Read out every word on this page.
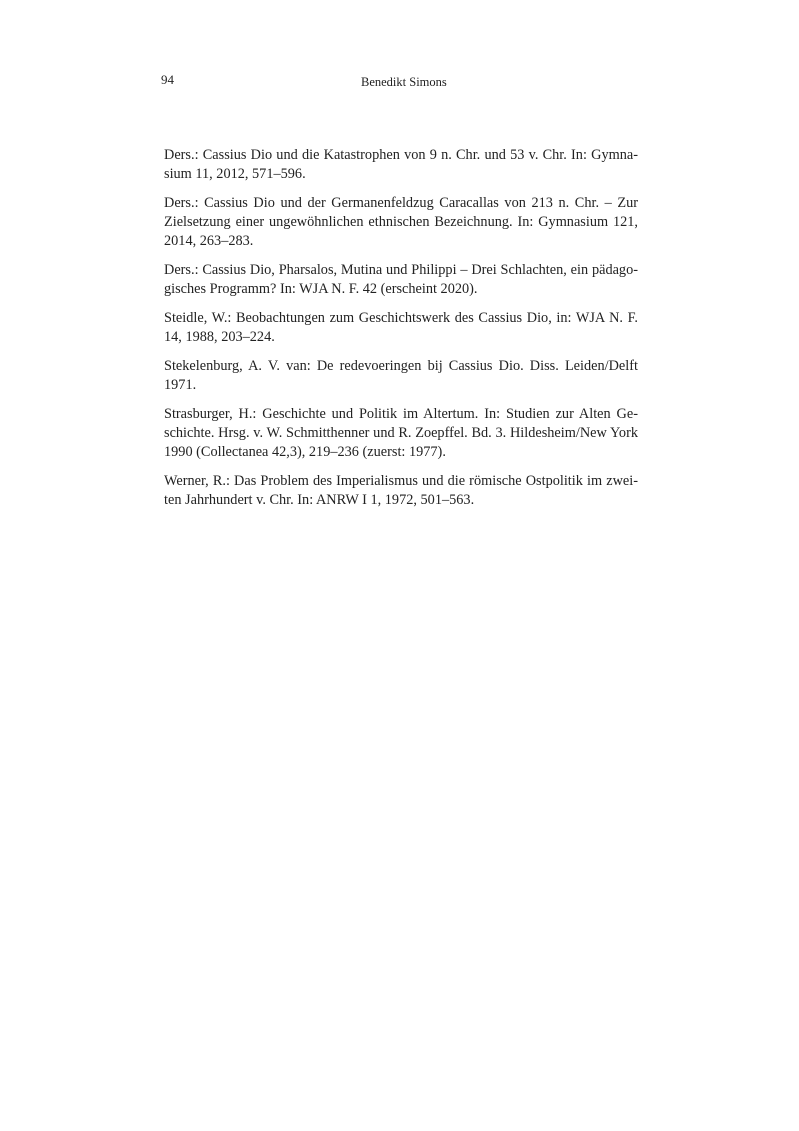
94	Benedikt Simons
Ders.: Cassius Dio und die Katastrophen von 9 n. Chr. und 53 v. Chr. In: Gymnasium 11, 2012, 571–596.
Ders.: Cassius Dio und der Germanenfeldzug Caracallas von 213 n. Chr. – Zur Zielsetzung einer ungewöhnlichen ethnischen Bezeichnung. In: Gymnasium 121, 2014, 263–283.
Ders.: Cassius Dio, Pharsalos, Mutina und Philippi – Drei Schlachten, ein pädagogisches Programm? In: WJA N. F. 42 (erscheint 2020).
Steidle, W.: Beobachtungen zum Geschichtswerk des Cassius Dio, in: WJA N. F. 14, 1988, 203–224.
Stekelenburg, A. V. van: De redevoeringen bij Cassius Dio. Diss. Leiden/Delft 1971.
Strasburger, H.: Geschichte und Politik im Altertum. In: Studien zur Alten Geschichte. Hrsg. v. W. Schmitthenner und R. Zoepffel. Bd. 3. Hildesheim/New York 1990 (Collectanea 42,3), 219–236 (zuerst: 1977).
Werner, R.: Das Problem des Imperialismus und die römische Ostpolitik im zweiten Jahrhundert v. Chr. In: ANRW I 1, 1972, 501–563.
